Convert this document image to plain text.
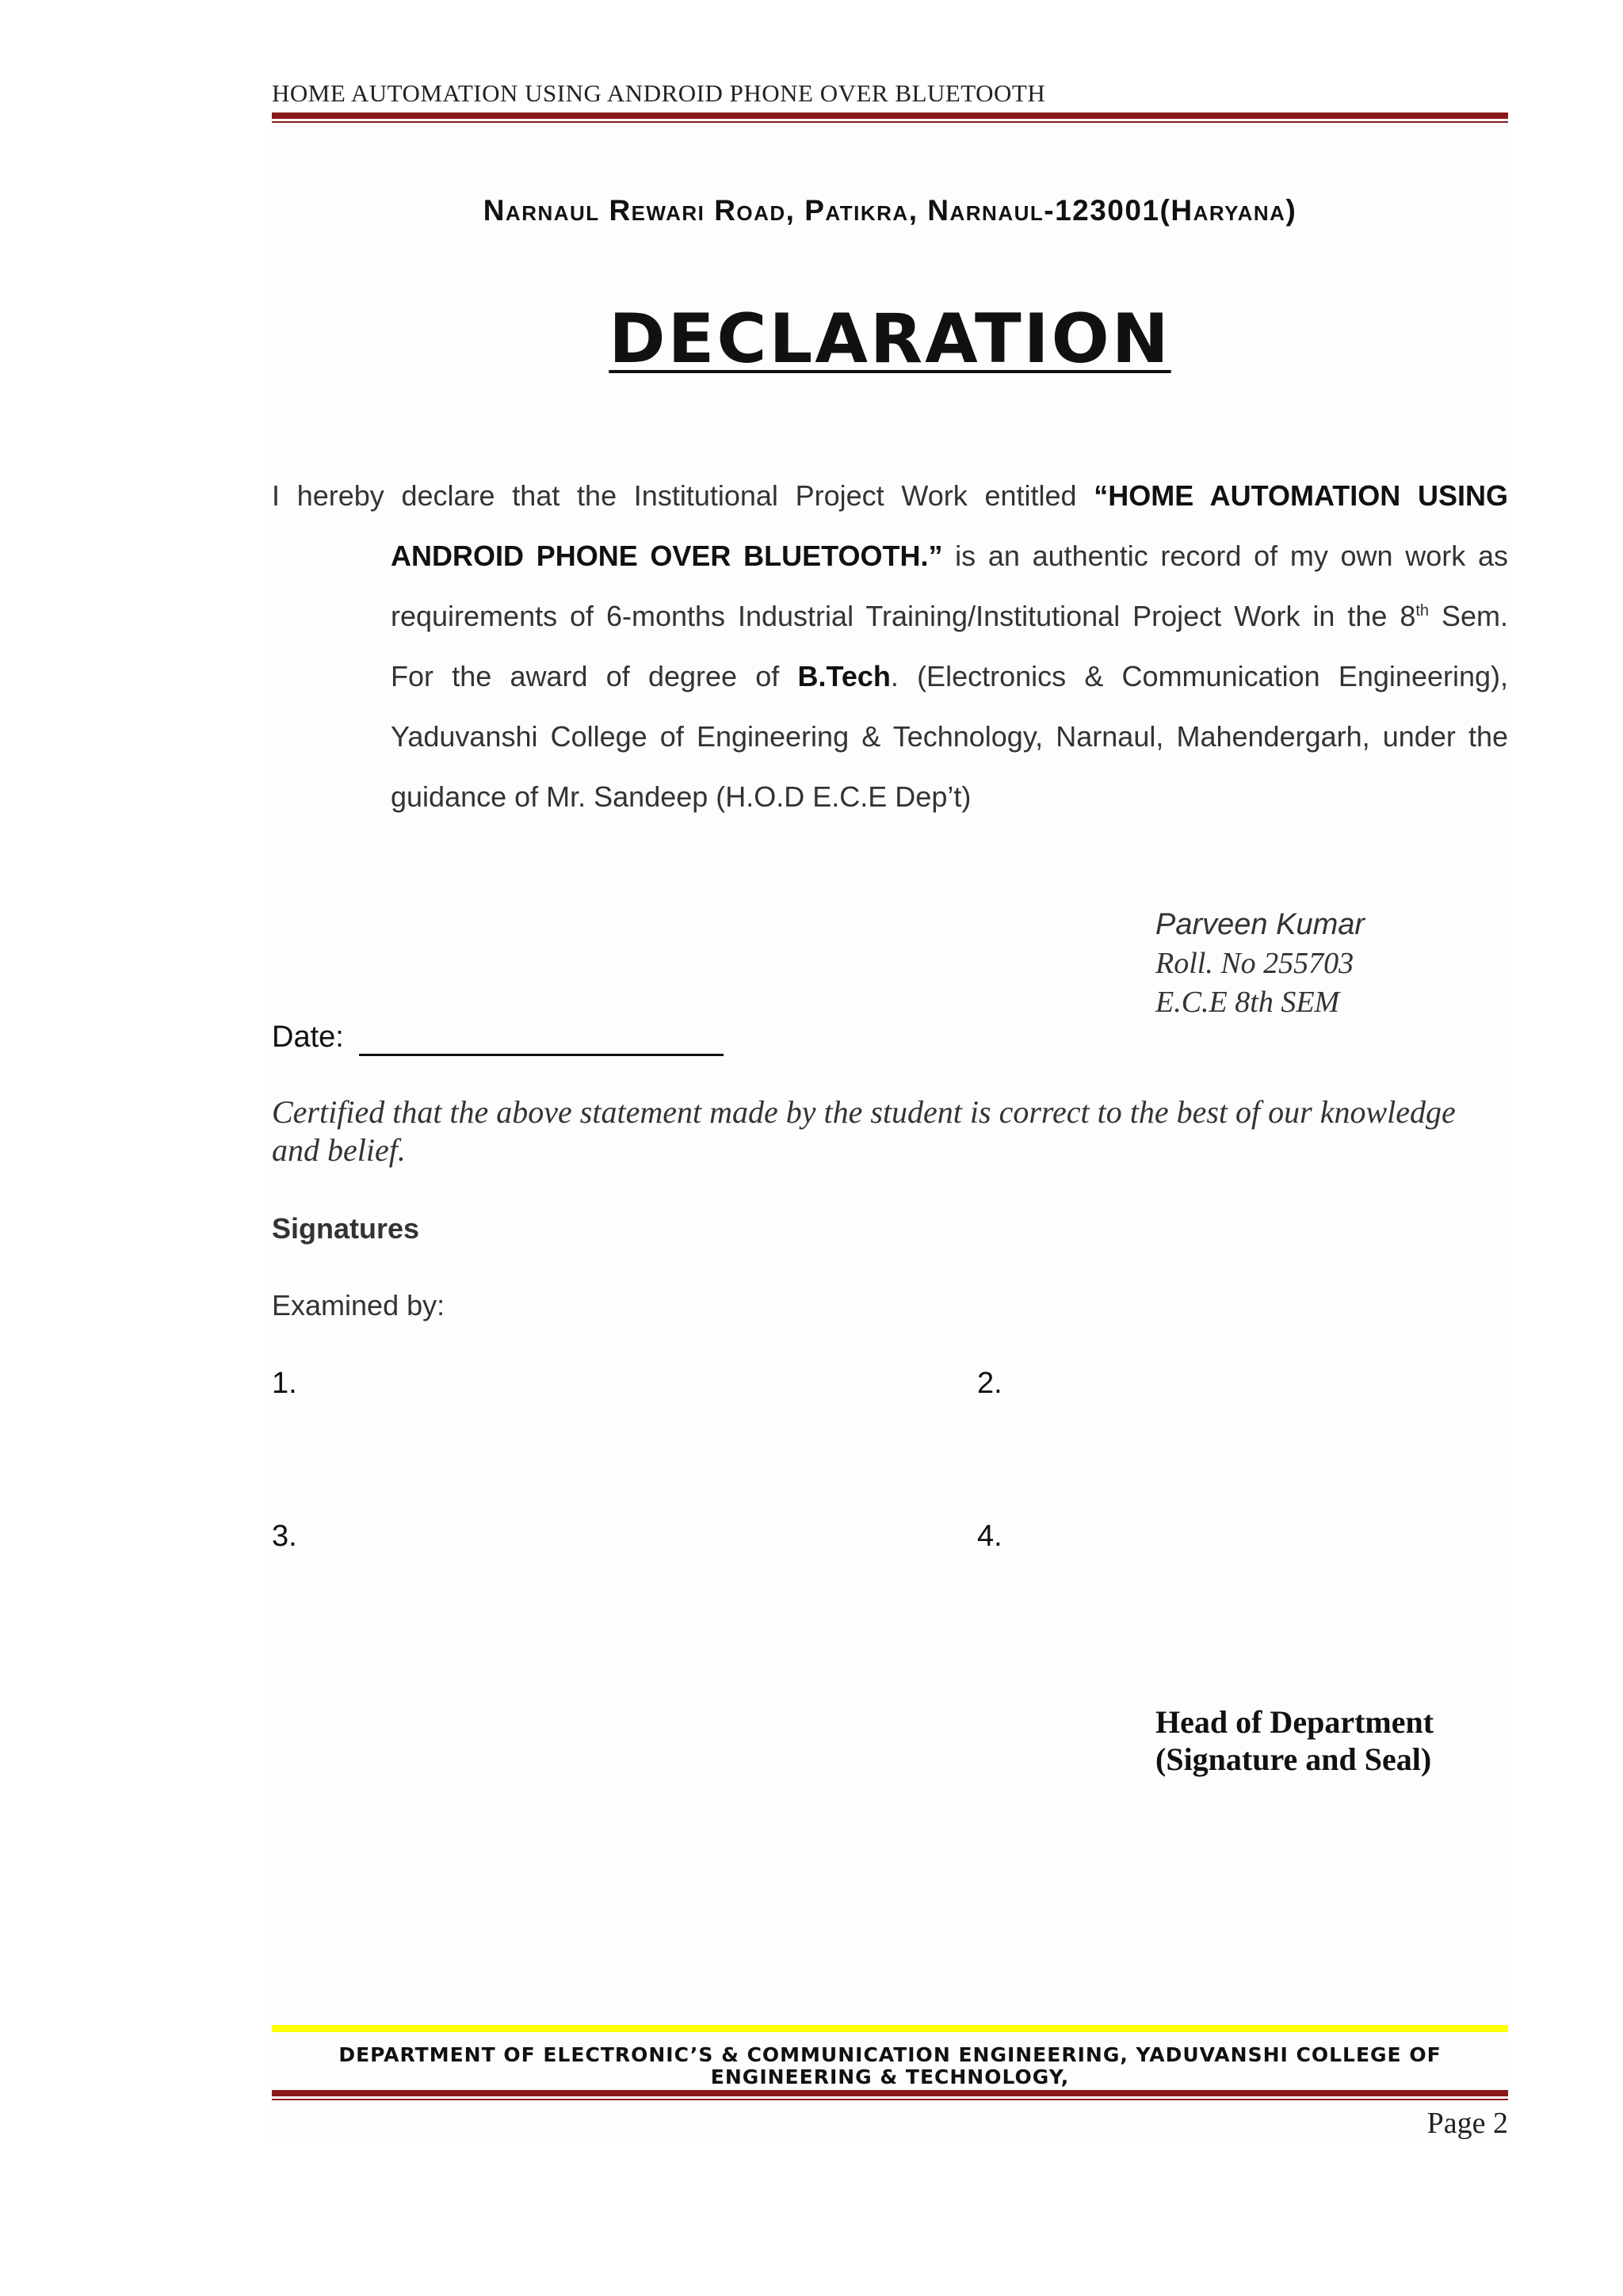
HOME AUTOMATION USING ANDROID PHONE OVER BLUETOOTH
Narnaul Rewari Road, Patikra, Narnaul-123001(Haryana)
DECLARATION
I hereby declare that the Institutional Project Work entitled “HOME AUTOMATION USING
ANDROID PHONE OVER BLUETOOTH.” is an authentic record of my own work as requirements of 6-months Industrial Training/Institutional Project Work in the 8th Sem. For the award of degree of B.Tech. (Electronics & Communication Engineering), Yaduvanshi College of Engineering & Technology, Narnaul, Mahendergarh, under the guidance of Mr. Sandeep (H.O.D E.C.E Dep’t)
Parveen Kumar
Roll. No 255703
E.C.E 8th SEM
Date:
Certified that the above statement made by the student is correct to the best of our knowledge and belief.
Signatures
Examined by:
1.	2.
3.	4.
Head of Department
(Signature and Seal)
DEPARTMENT OF ELECTRONIC’S & COMMUNICATION ENGINEERING, YADUVANSHI COLLEGE OF ENGINEERING & TECHNOLOGY,
Page 2
